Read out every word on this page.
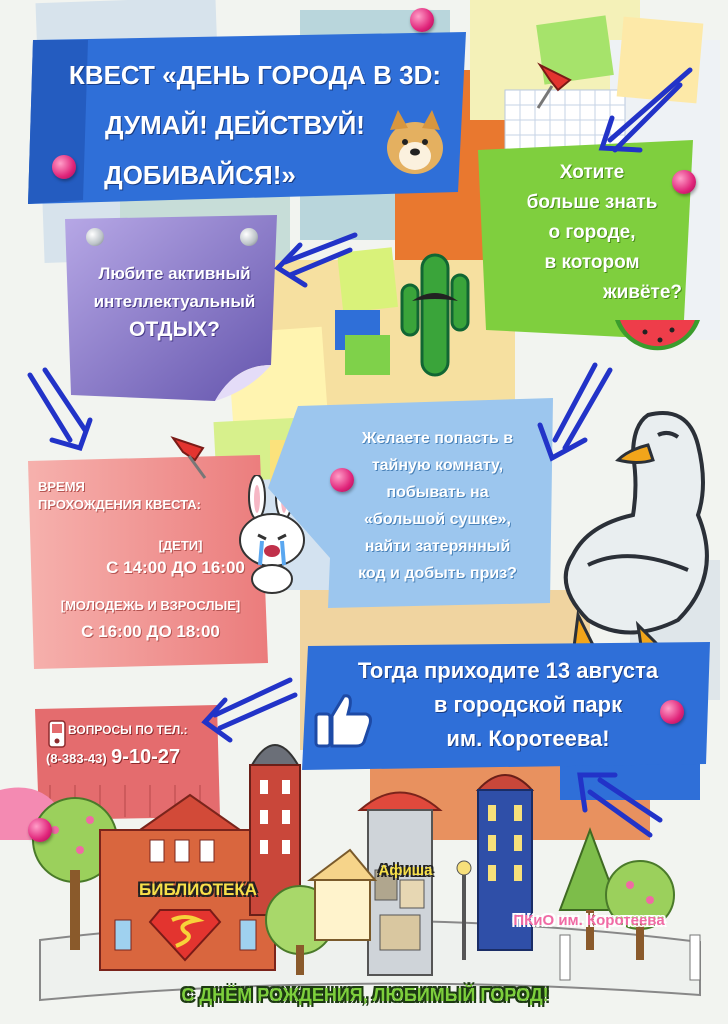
КВЕСТ «ДЕНЬ ГОРОДА В 3D:
ДУМАЙ! ДЕЙСТВУЙ!
ДОБИВАЙСЯ!»	Хотите
больше знать
о городе,
в котором
живёте?
Любите активный
интеллектуальный
ОТДЫХ?
ВРЕМЯ
ПРОХОЖДЕНИЯ КВЕСТА:
[ДЕТИ]
С 14:00 ДО 16:00
[МОЛОДЕЖЬ И ВЗРОСЛЫЕ]
С 16:00 ДО 18:00
Желаете попасть в
тайную комнату,
побывать на
«большой сушке»,
найти затерянный
код и добыть приз?
Тогда приходите 13 августа
в городской парк
им. Коротеева!
ВОПРОСЫ ПО ТЕЛ.:
(8-383-43) 9-10-27
БИБЛИОТЕКА
Афиша
ПКиО им. Коротеева
С ДНЁМ РОЖДЕНИЯ, ЛЮБИМЫЙ ГОРОД!
